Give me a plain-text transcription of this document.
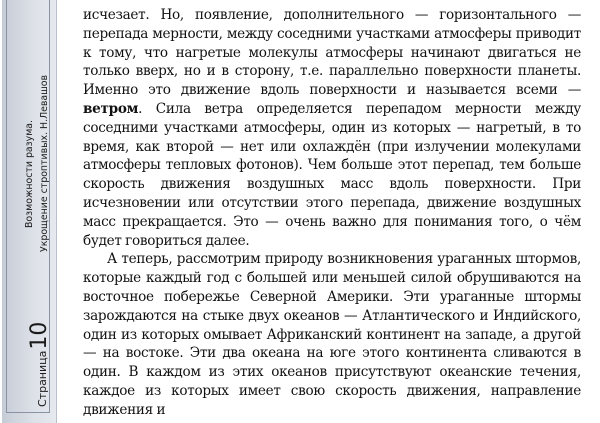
Возможности разума. Укрощение строптивых. Н.Левашов
Страница10

исчезает. Но, появление, дополнительного — горизонтального — перепада мерности, между соседними участками атмосферы приводит к тому, что нагретые молекулы атмосферы начинают двигаться не только вверх, но и в сторону, т.е. параллельно поверхности планеты. Именно это движение вдоль поверхности и называется всеми — ветром. Сила ветра определяется перепадом мерности между соседними участками атмосферы, один из которых — нагретый, в то время, как второй — нет или охлаждён (при излучении молекулами атмосферы тепловых фотонов). Чем больше этот перепад, тем больше скорость движения воздушных масс вдоль поверхности. При исчезновении или отсутствии этого перепада, движение воздушных масс прекращается. Это — очень важно для понимания того, о чём будет говориться далее.

А теперь, рассмотрим природу возникновения ураганных штормов, которые каждый год с большей или меньшей силой обрушиваются на восточное побережье Северной Америки. Эти ураганные штормы зарождаются на стыке двух океанов — Атлантического и Индийского, один из которых омывает Африканский континент на западе, а другой — на востоке. Эти два океана на юге этого континента сливаются в один. В каждом из этих океанов присутствуют океанские течения, каждое из которых имеет свою скорость движения, направление движения и
